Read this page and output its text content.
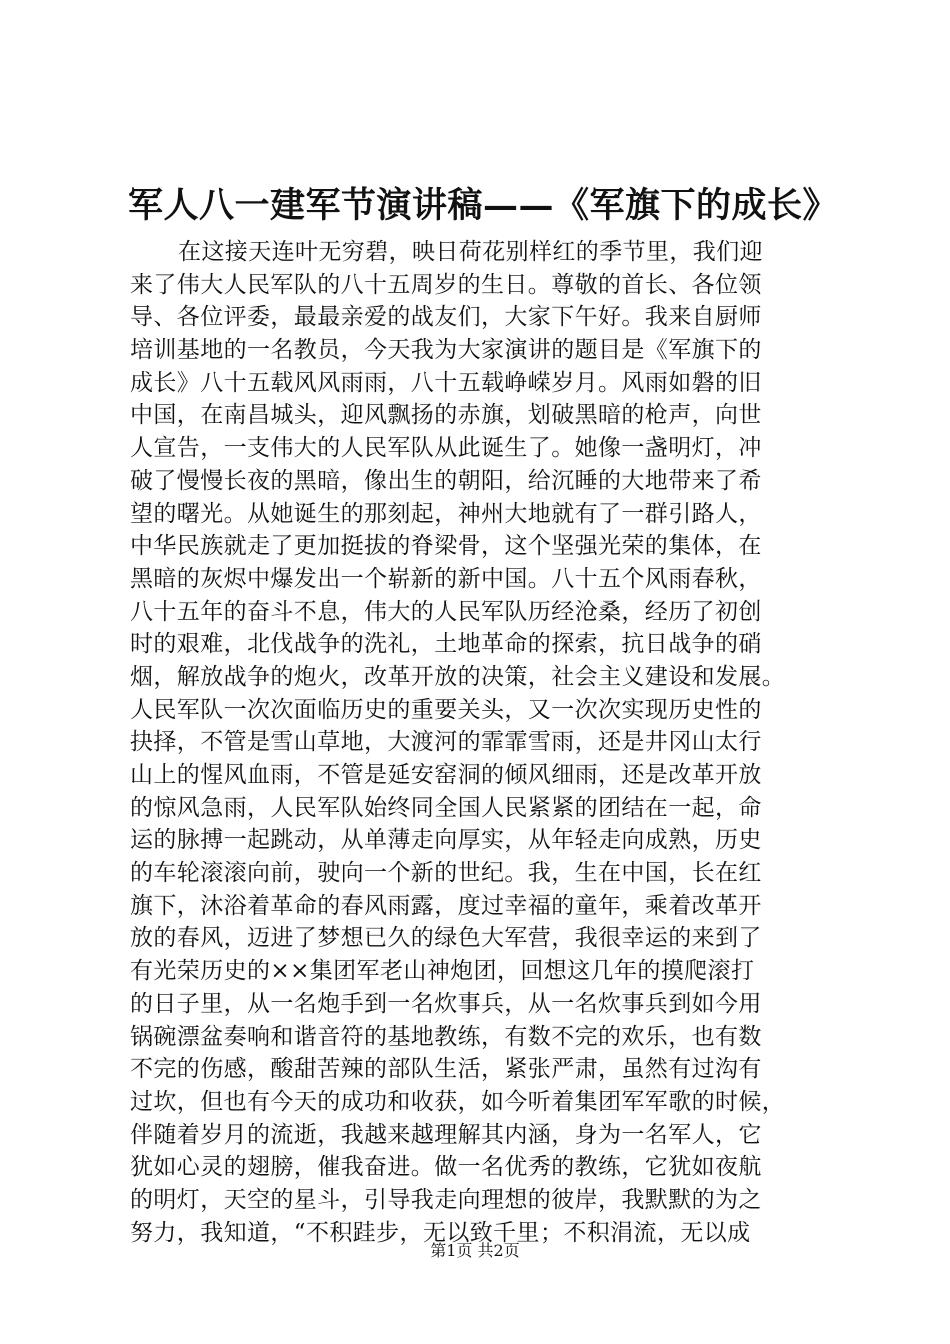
军人八一建军节演讲稿——《军旗下的成长》
在这接天连叶无穷碧，映日荷花别样红的季节里，我们迎
来了伟大人民军队的八十五周岁的生日。尊敬的首长、各位领
导、各位评委，最最亲爱的战友们，大家下午好。我来自厨师
培训基地的一名教员，今天我为大家演讲的题目是《军旗下的
成长》八十五载风风雨雨，八十五载峥嵘岁月。风雨如磐的旧
中国，在南昌城头，迎风飘扬的赤旗，划破黑暗的枪声，向世
人宣告，一支伟大的人民军队从此诞生了。她像一盏明灯，冲
破了慢慢长夜的黑暗，像出生的朝阳，给沉睡的大地带来了希
望的曙光。从她诞生的那刻起，神州大地就有了一群引路人，
中华民族就走了更加挺拔的脊梁骨，这个坚强光荣的集体，在
黑暗的灰烬中爆发出一个崭新的新中国。八十五个风雨春秋，
八十五年的奋斗不息，伟大的人民军队历经沧桑，经历了初创
时的艰难，北伐战争的洗礼，土地革命的探索，抗日战争的硝
烟，解放战争的炮火，改革开放的决策，社会主义建设和发展。
人民军队一次次面临历史的重要关头，又一次次实现历史性的
抉择，不管是雪山草地，大渡河的霏霏雪雨，还是井冈山太行
山上的惺风血雨，不管是延安窑洞的倾风细雨，还是改革开放
的惊风急雨，人民军队始终同全国人民紧紧的团结在一起，命
运的脉搏一起跳动，从单薄走向厚实，从年轻走向成熟，历史
的车轮滚滚向前，驶向一个新的世纪。我，生在中国，长在红
旗下，沐浴着革命的春风雨露，度过幸福的童年，乘着改革开
放的春风，迈进了梦想已久的绿色大军营，我很幸运的来到了
有光荣历史的××集团军老山神炮团，回想这几年的摸爬滚打
的日子里，从一名炮手到一名炊事兵，从一名炊事兵到如今用
锅碗漂盆奏响和谐音符的基地教练，有数不完的欢乐，也有数
不完的伤感，酸甜苦辣的部队生活，紧张严肃，虽然有过沟有
过坎，但也有今天的成功和收获，如今听着集团军军歌的时候，
伴随着岁月的流逝，我越来越理解其内涵，身为一名军人，它
犹如心灵的翅膀，催我奋进。做一名优秀的教练，它犹如夜航
的明灯，天空的星斗，引导我走向理想的彼岸，我默默的为之
努力，我知道，“不积跬步，无以致千里；不积涓流，无以成
第1页 共2页
